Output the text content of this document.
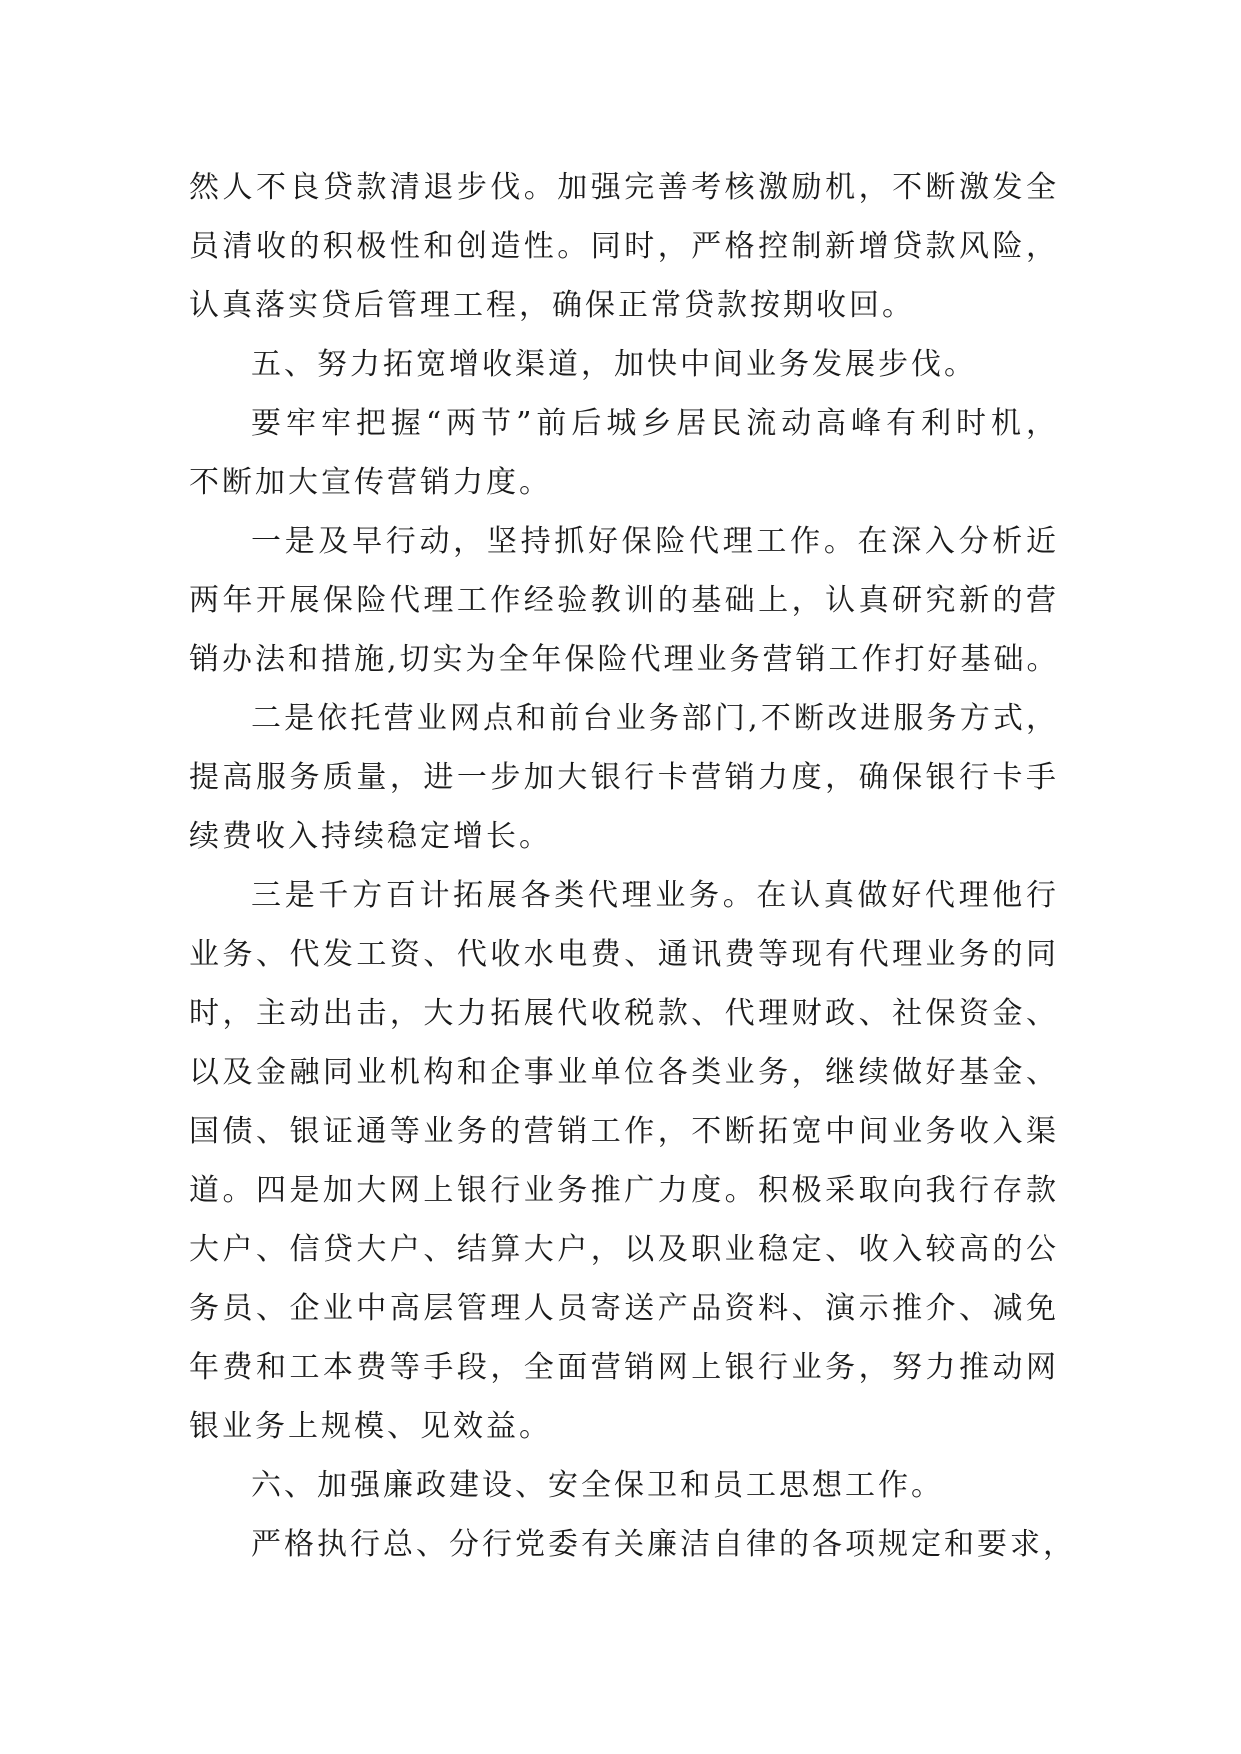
然人不良贷款清退步伐。加强完善考核激励机，不断激发全
员清收的积极性和创造性。同时，严格控制新增贷款风险，
认真落实贷后管理工程，确保正常贷款按期收回。

五、努力拓宽增收渠道，加快中间业务发展步伐。

要牢牢把握“两节”前后城乡居民流动高峰有利时机，
不断加大宣传营销力度。

一是及早行动，坚持抓好保险代理工作。在深入分析近
两年开展保险代理工作经验教训的基础上，认真研究新的营
销办法和措施,切实为全年保险代理业务营销工作打好基础。

二是依托营业网点和前台业务部门,不断改进服务方式，
提高服务质量，进一步加大银行卡营销力度，确保银行卡手
续费收入持续稳定增长。

三是千方百计拓展各类代理业务。在认真做好代理他行
业务、代发工资、代收水电费、通讯费等现有代理业务的同
时，主动出击，大力拓展代收税款、代理财政、社保资金、
以及金融同业机构和企事业单位各类业务，继续做好基金、
国债、银证通等业务的营销工作，不断拓宽中间业务收入渠
道。四是加大网上银行业务推广力度。积极采取向我行存款
大户、信贷大户、结算大户，以及职业稳定、收入较高的公
务员、企业中高层管理人员寄送产品资料、演示推介、减免
年费和工本费等手段，全面营销网上银行业务，努力推动网
银业务上规模、见效益。

六、加强廉政建设、安全保卫和员工思想工作。

严格执行总、分行党委有关廉洁自律的各项规定和要求，
